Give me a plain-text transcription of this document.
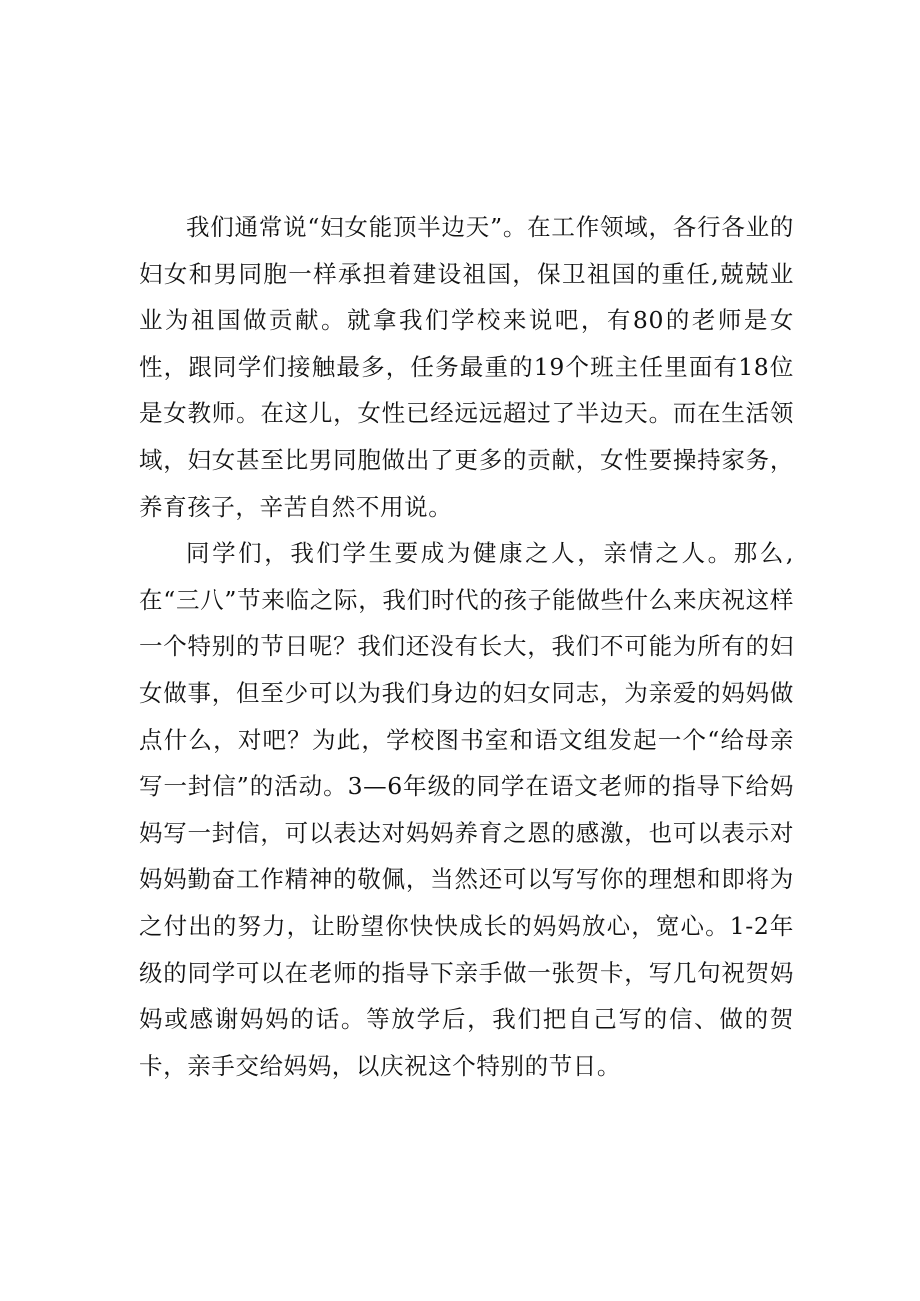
我们通常说“妇女能顶半边天”。在工作领域，各行各业的妇女和男同胞一样承担着建设祖国，保卫祖国的重任,兢兢业业为祖国做贡献。就拿我们学校来说吧，有80的老师是女性，跟同学们接触最多，任务最重的19个班主任里面有18位是女教师。在这儿，女性已经远远超过了半边天。而在生活领域，妇女甚至比男同胞做出了更多的贡献，女性要操持家务，养育孩子，辛苦自然不用说。

同学们，我们学生要成为健康之人，亲情之人。那么,在“三八”节来临之际，我们时代的孩子能做些什么来庆祝这样一个特别的节日呢？我们还没有长大，我们不可能为所有的妇女做事，但至少可以为我们身边的妇女同志，为亲爱的妈妈做点什么，对吧？为此，学校图书室和语文组发起一个“给母亲写一封信”的活动。3—6年级的同学在语文老师的指导下给妈妈写一封信，可以表达对妈妈养育之恩的感激，也可以表示对妈妈勤奋工作精神的敬佩，当然还可以写写你的理想和即将为之付出的努力，让盼望你快快成长的妈妈放心，宽心。1-2年级的同学可以在老师的指导下亲手做一张贺卡，写几句祝贺妈妈或感谢妈妈的话。等放学后，我们把自己写的信、做的贺卡，亲手交给妈妈，以庆祝这个特别的节日。
